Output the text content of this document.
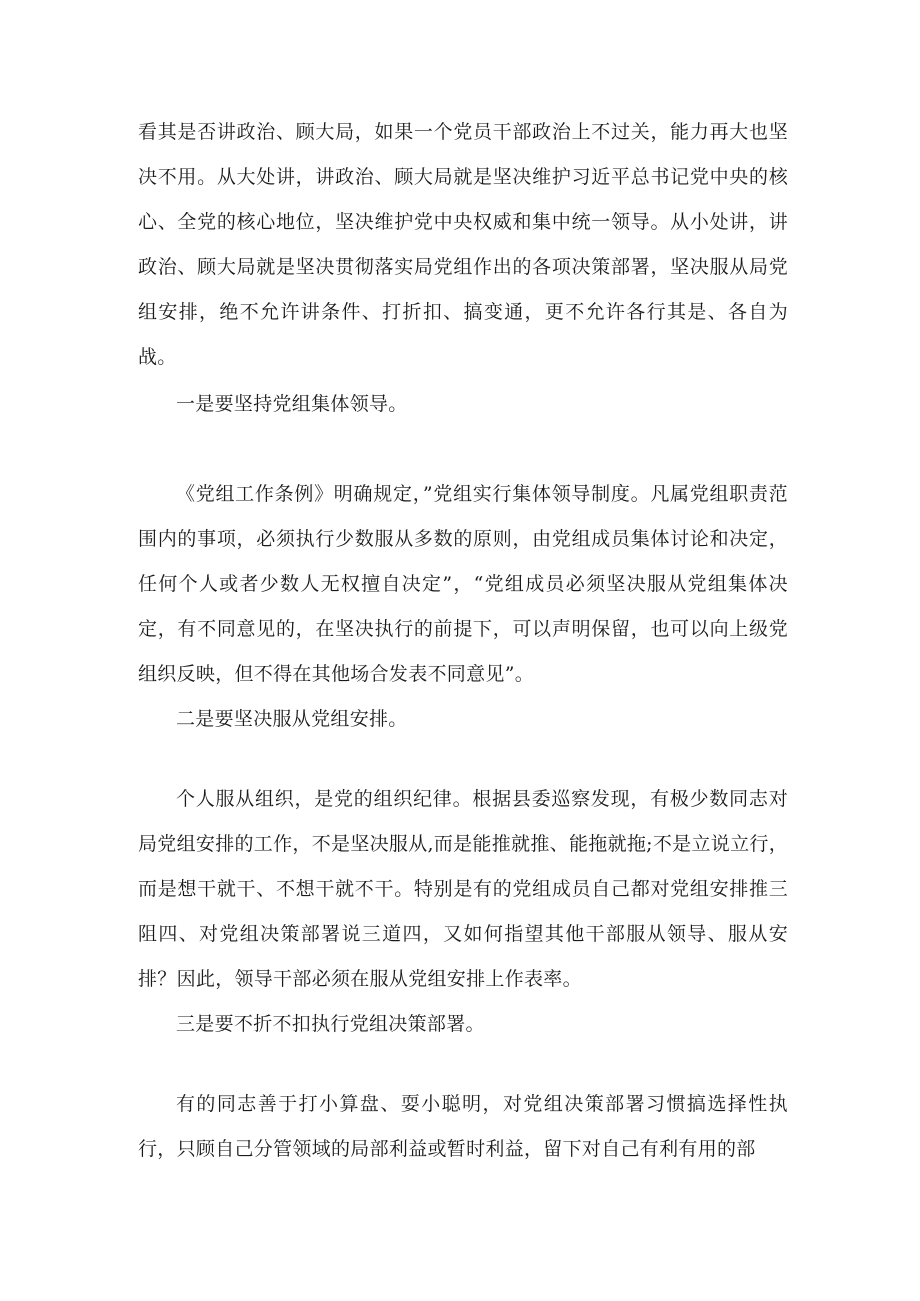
看其是否讲政治、顾大局，如果一个党员干部政治上不过关，能力再大也坚决不用。从大处讲，讲政治、顾大局就是坚决维护习近平总书记党中央的核心、全党的核心地位，坚决维护党中央权威和集中统一领导。从小处讲，讲政治、顾大局就是坚决贯彻落实局党组作出的各项决策部署，坚决服从局党组安排，绝不允许讲条件、打折扣、搞变通，更不允许各行其是、各自为战。

一是要坚持党组集体领导。

《党组工作条例》明确规定，”党组实行集体领导制度。凡属党组职责范围内的事项，必须执行少数服从多数的原则，由党组成员集体讨论和决定，任何个人或者少数人无权擅自决定”，“党组成员必须坚决服从党组集体决定，有不同意见的，在坚决执行的前提下，可以声明保留，也可以向上级党组织反映，但不得在其他场合发表不同意见”。

二是要坚决服从党组安排。

个人服从组织，是党的组织纪律。根据县委巡察发现，有极少数同志对局党组安排的工作，不是坚决服从,而是能推就推、能拖就拖;不是立说立行，而是想干就干、不想干就不干。特别是有的党组成员自己都对党组安排推三阻四、对党组决策部署说三道四，又如何指望其他干部服从领导、服从安排？因此，领导干部必须在服从党组安排上作表率。

三是要不折不扣执行党组决策部署。

有的同志善于打小算盘、耍小聪明，对党组决策部署习惯搞选择性执行，只顾自己分管领域的局部利益或暂时利益，留下对自己有利有用的部
